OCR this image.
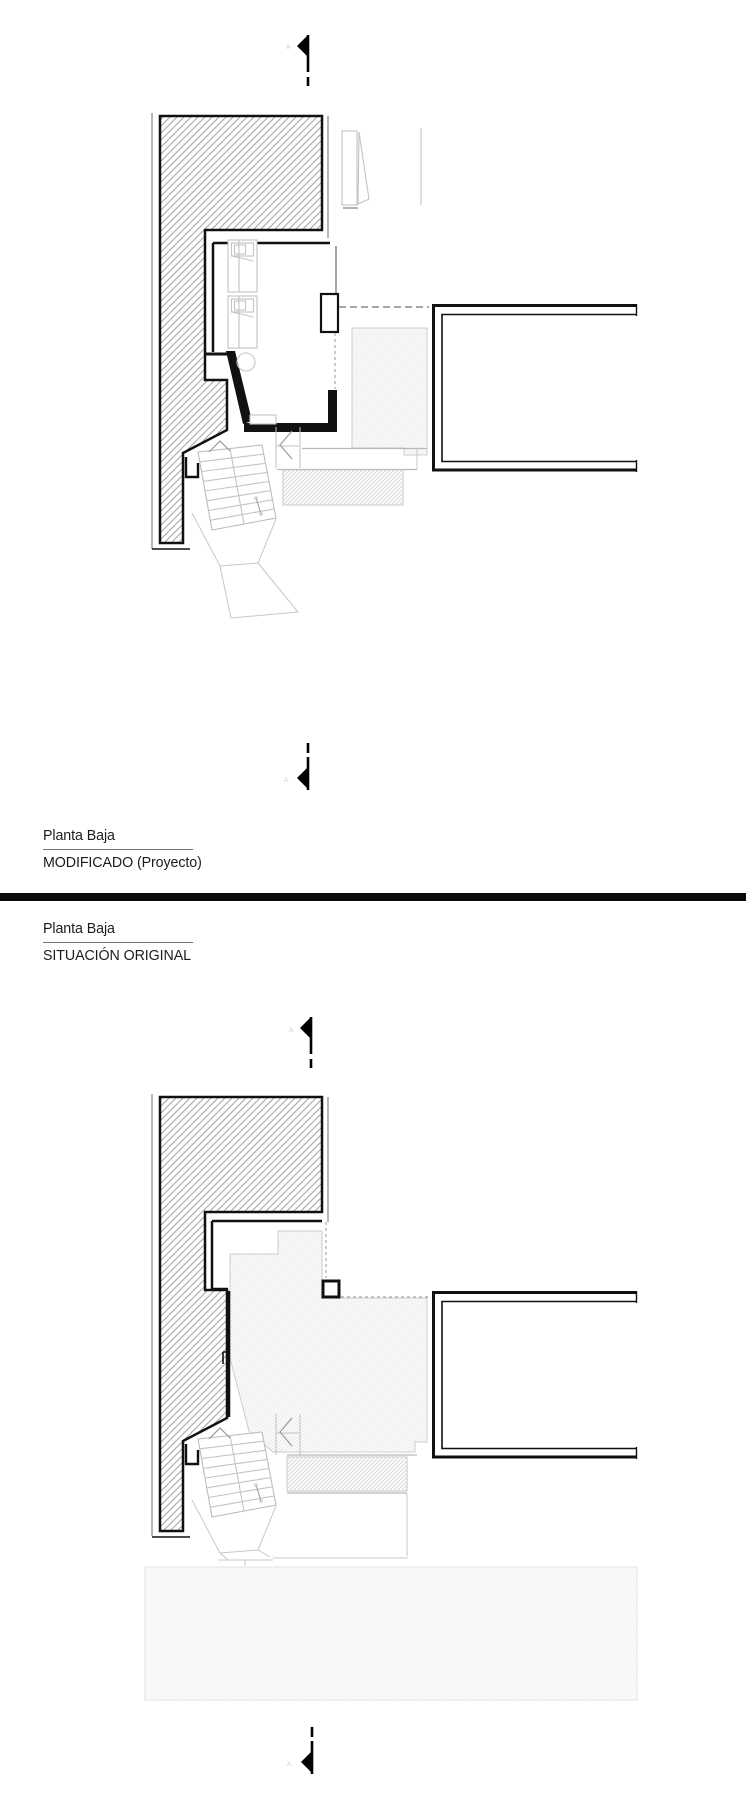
A
A
A
A
Planta Baja
MODIFICADO (Proyecto)
Planta Baja
SITUACIÓN ORIGINAL
